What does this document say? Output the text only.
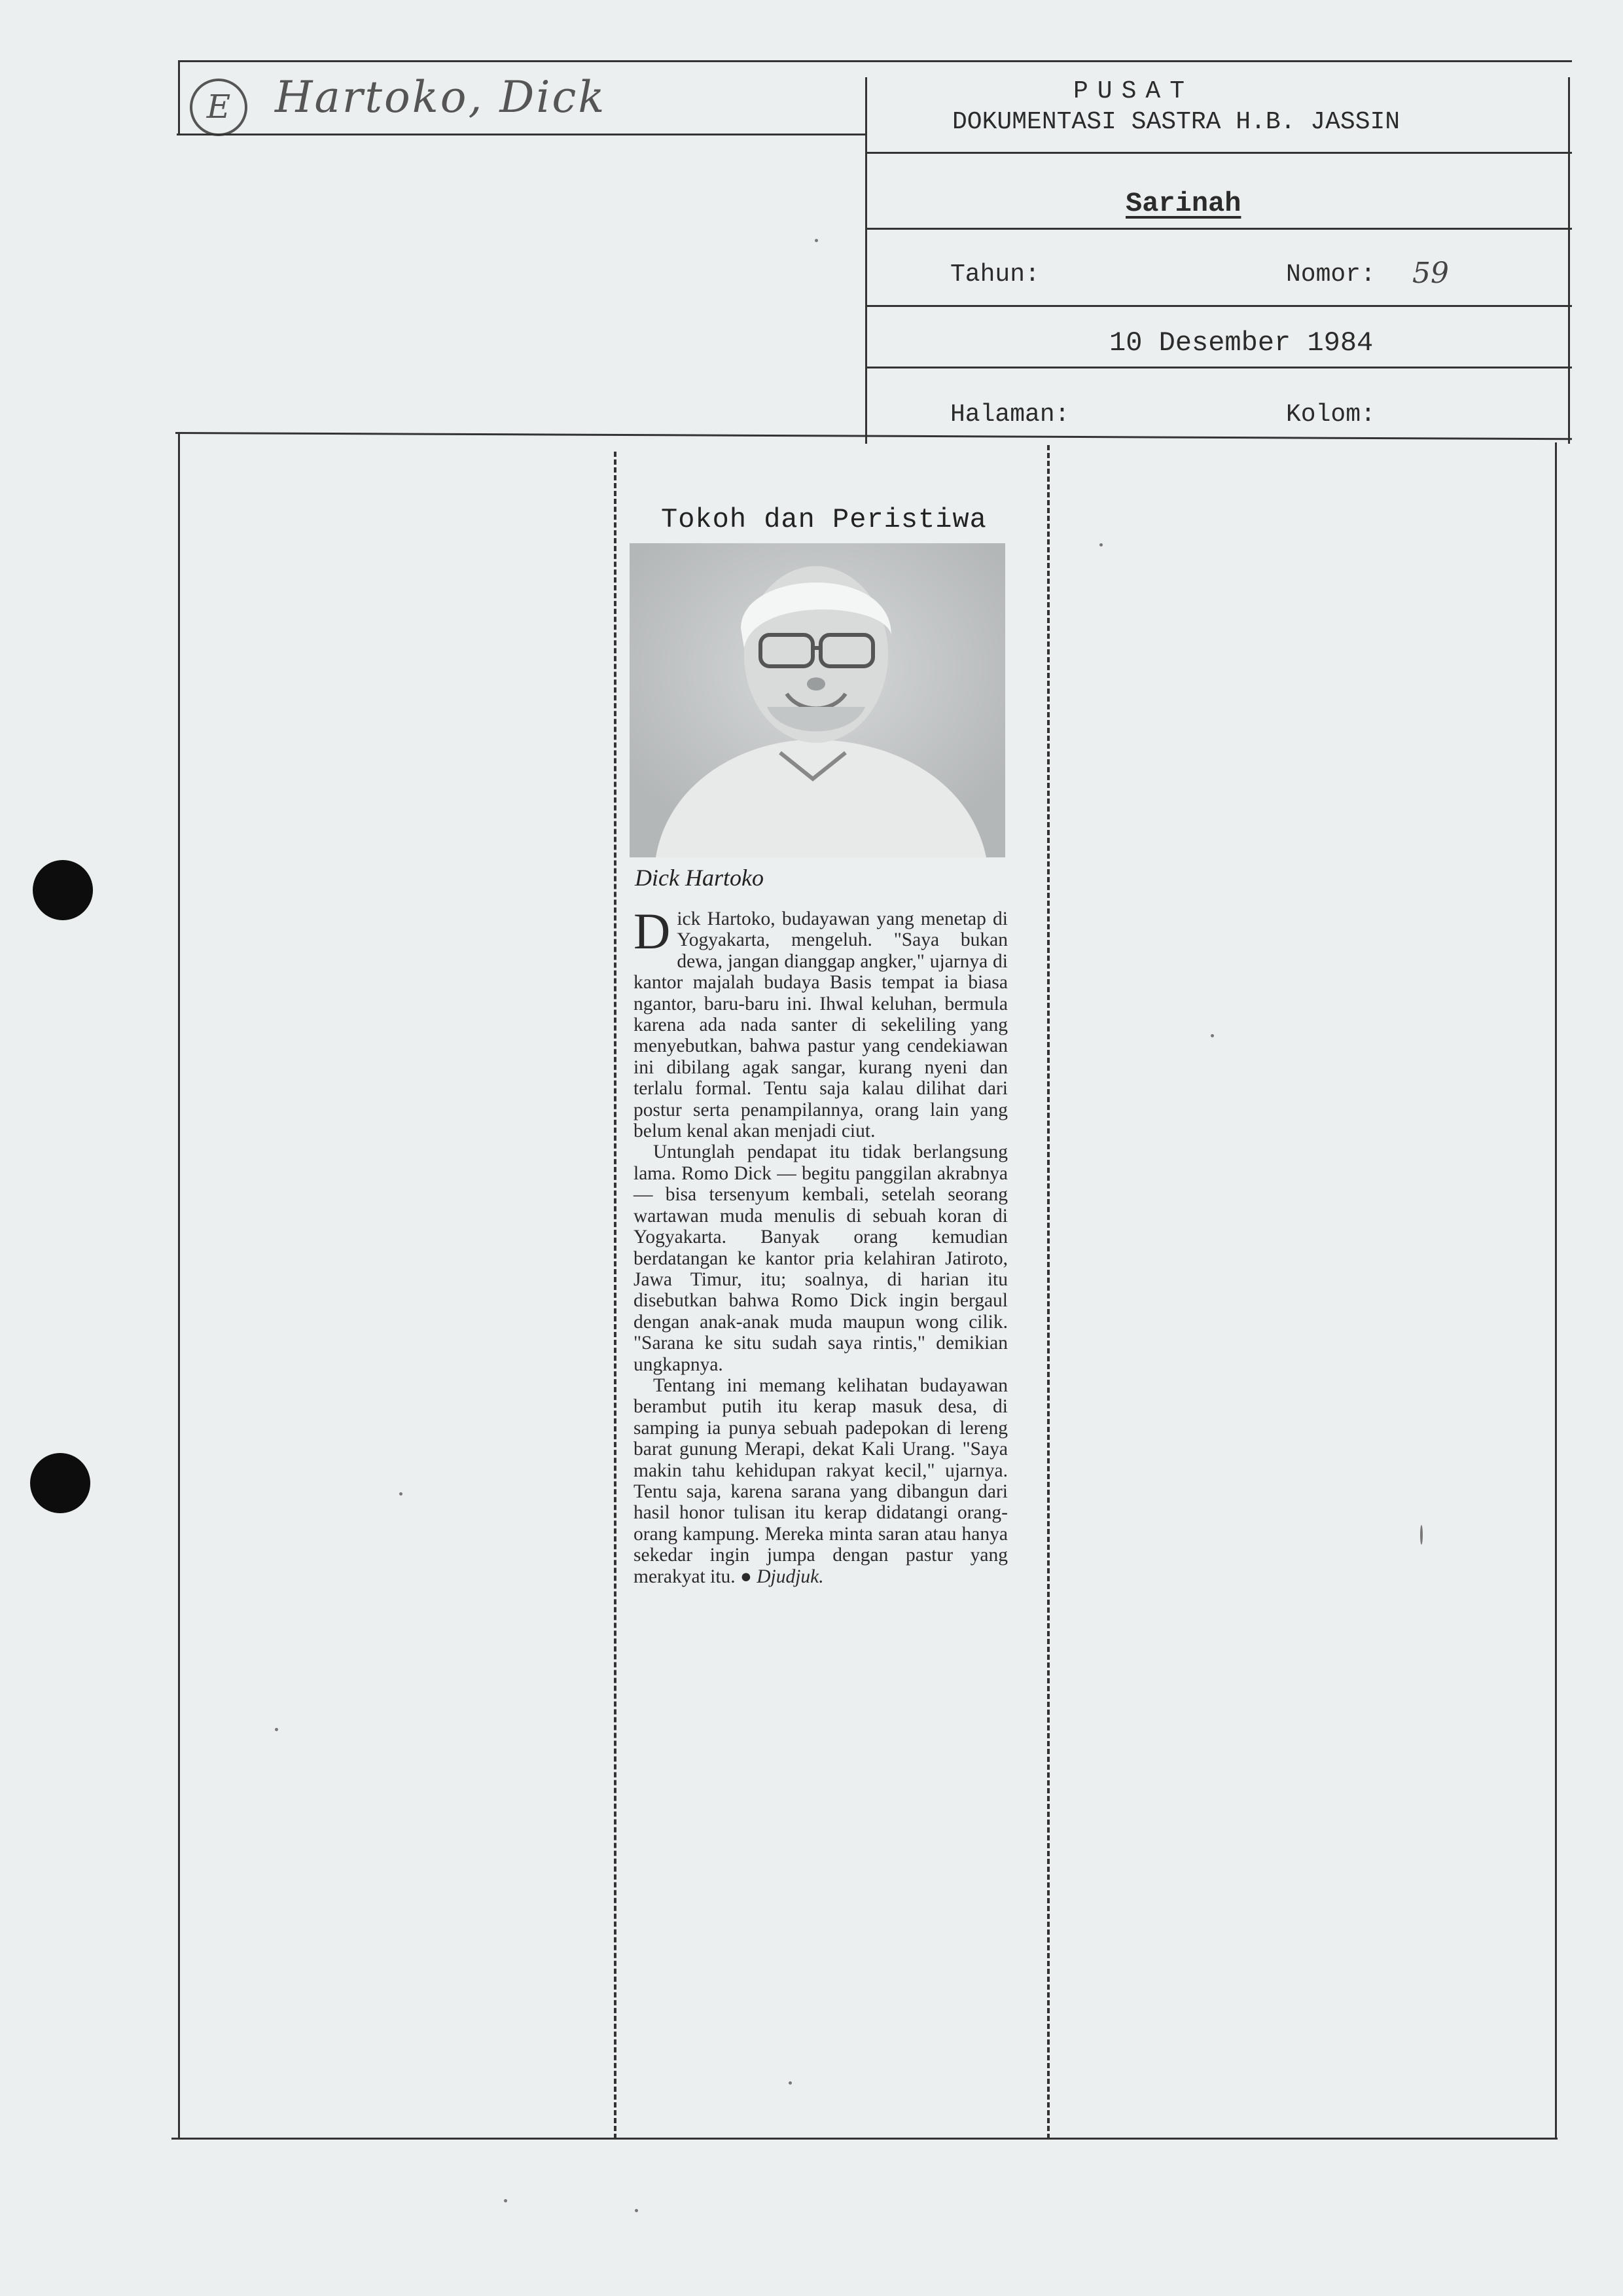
E	Hartoko, Dick	PUSAT
DOKUMENTASI SASTRA H.B. JASSIN
Sarinah
Tahun:	Nomor: 59
10 Desember 1984
Halaman:	Kolom:
Tokoh dan Peristiwa
Dick Hartoko

Dick Hartoko, budayawan yang menetap di Yogyakarta, mengeluh. "Saya bukan dewa, jangan dianggap angker," ujarnya di kantor majalah budaya Basis tempat ia biasa ngantor, baru-baru ini. Ihwal keluhan, bermula karena ada nada santer di sekeliling yang menyebutkan, bahwa pastur yang cendekiawan ini dibilang agak sangar, kurang nyeni dan terlalu formal. Tentu saja kalau dilihat dari postur serta penampilannya, orang lain yang belum kenal akan menjadi ciut.

Untunglah pendapat itu tidak berlangsung lama. Romo Dick — begitu panggilan akrabnya — bisa tersenyum kembali, setelah seorang wartawan muda menulis di sebuah koran di Yogyakarta. Banyak orang kemudian berdatangan ke kantor pria kelahiran Jatiroto, Jawa Timur, itu; soalnya, di harian itu disebutkan bahwa Romo Dick ingin bergaul dengan anak-anak muda maupun wong cilik. "Sarana ke situ sudah saya rintis," demikian ungkapnya.

Tentang ini memang kelihatan budayawan berambut putih itu kerap masuk desa, di samping ia punya sebuah padepokan di lereng barat gunung Merapi, dekat Kali Urang. "Saya makin tahu kehidupan rakyat kecil," ujarnya. Tentu saja, karena sarana yang dibangun dari hasil honor tulisan itu kerap didatangi orang-orang kampung. Mereka minta saran atau hanya sekedar ingin jumpa dengan pastur yang merakyat itu. ● Djudjuk.
